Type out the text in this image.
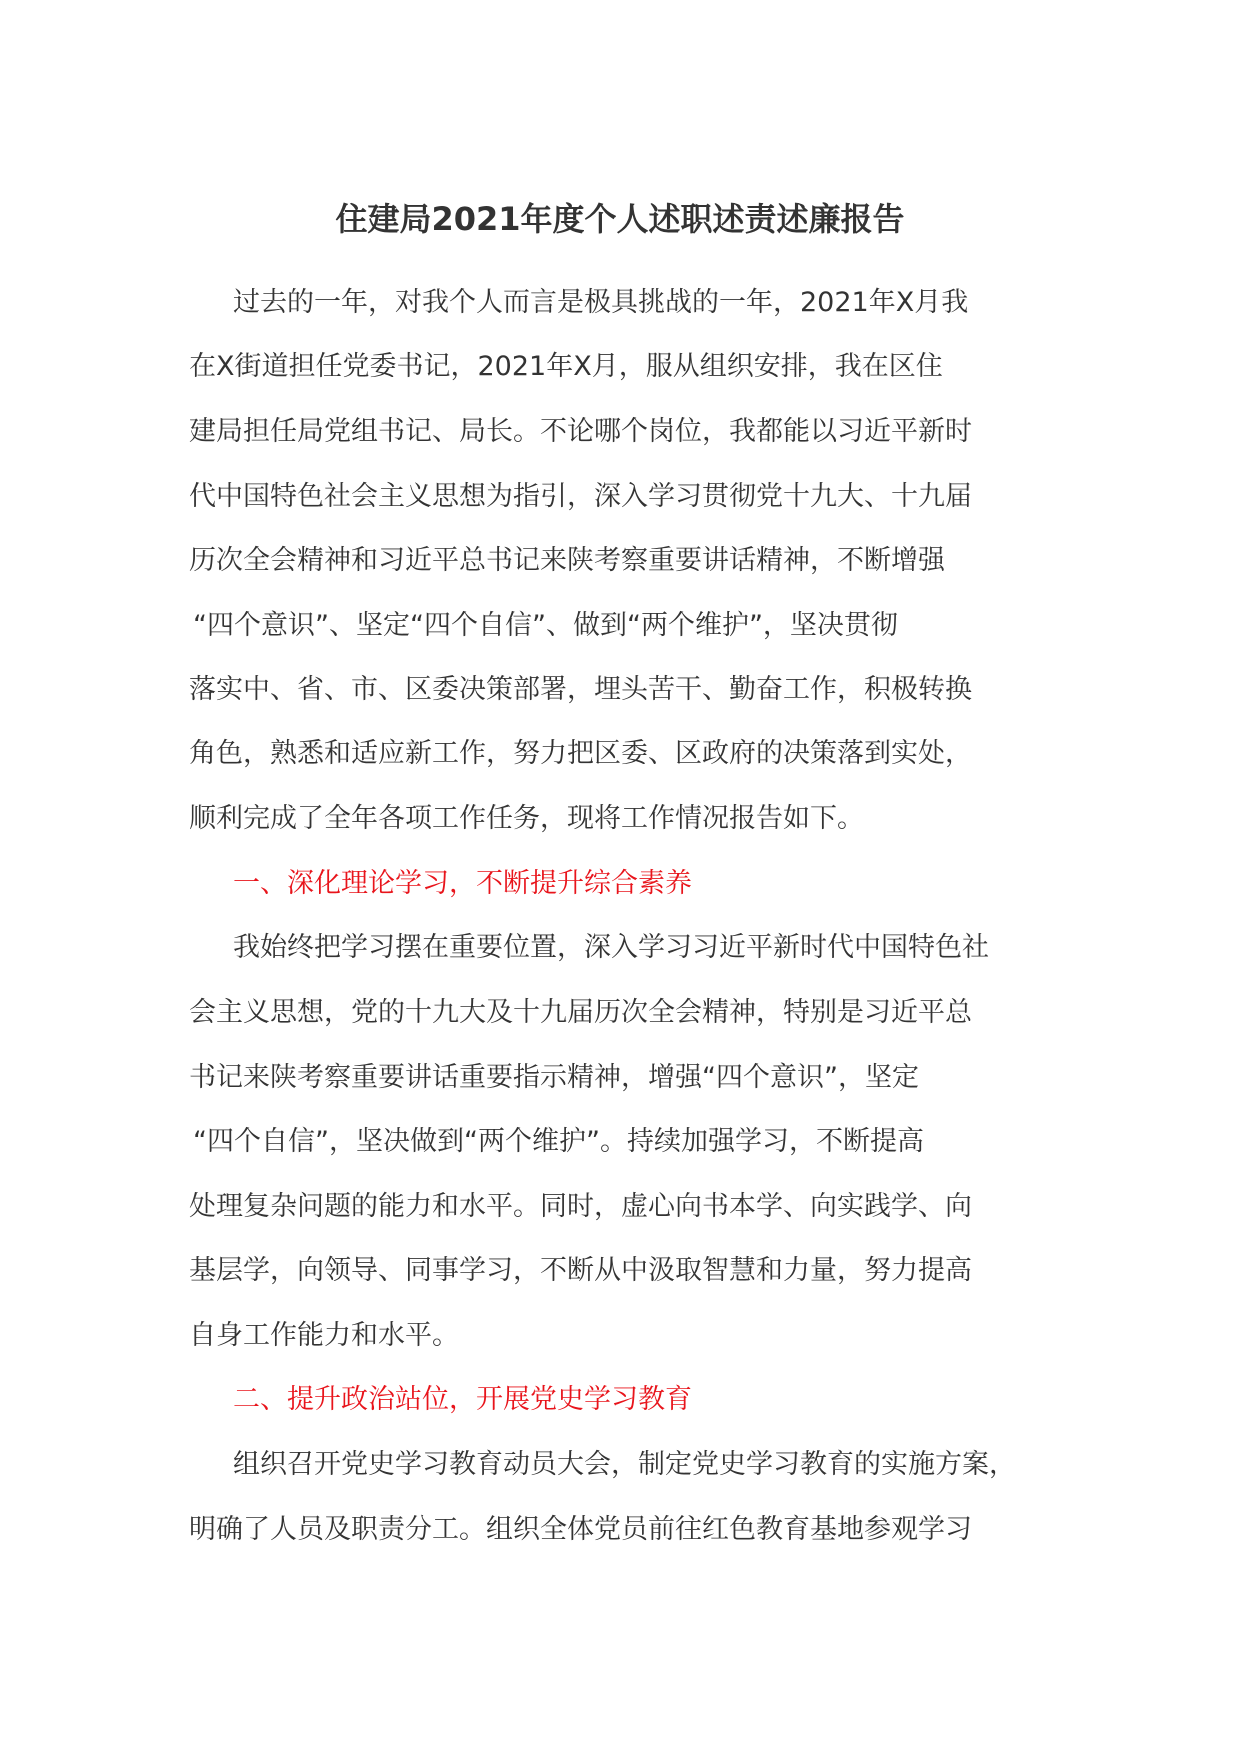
住建局2021年度个人述职述责述廉报告
过去的一年，对我个人而言是极具挑战的一年，2021年X月我
在X街道担任党委书记，2021年X月，服从组织安排，我在区住
建局担任局党组书记、局长。不论哪个岗位，我都能以习近平新时
代中国特色社会主义思想为指引，深入学习贯彻党十九大、十九届
历次全会精神和习近平总书记来陕考察重要讲话精神，不断增强
“四个意识”、坚定“四个自信”、做到“两个维护”，坚决贯彻
落实中、省、市、区委决策部署，埋头苦干、勤奋工作，积极转换
角色，熟悉和适应新工作，努力把区委、区政府的决策落到实处，
顺利完成了全年各项工作任务，现将工作情况报告如下。
一、深化理论学习，不断提升综合素养
我始终把学习摆在重要位置，深入学习习近平新时代中国特色社
会主义思想，党的十九大及十九届历次全会精神，特别是习近平总
书记来陕考察重要讲话重要指示精神，增强“四个意识”，坚定
“四个自信”，坚决做到“两个维护”。持续加强学习，不断提高
处理复杂问题的能力和水平。同时，虚心向书本学、向实践学、向
基层学，向领导、同事学习，不断从中汲取智慧和力量，努力提高
自身工作能力和水平。
二、提升政治站位，开展党史学习教育
组织召开党史学习教育动员大会，制定党史学习教育的实施方案，
明确了人员及职责分工。组织全体党员前往红色教育基地参观学习
